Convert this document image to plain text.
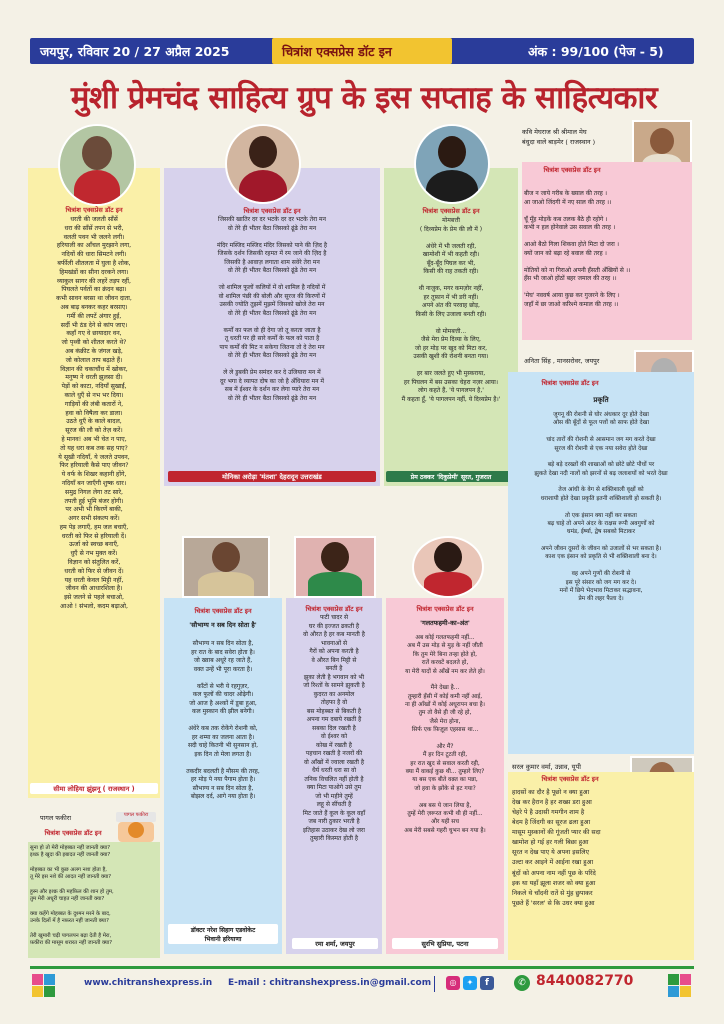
जयपुर, रविवार 20 / 27 अप्रैल 2025	चित्रांश एक्सप्रेस डॉट इन	अंक : 99/100 (पेज - 5)
मुंशी प्रेमचंद साहित्य ग्रुप के इस सप्ताह के साहित्यकार
चित्रांश एक्सप्रेस डॉट इन
धरती की जलती साँसें
धरा की साँसें तपन से भरी,
वलती पवन भी जलने लगी।
हरियाली का आँचल मुरझाने लगा,
नदियों की धारा सिमटने लगी।
बर्फीली शीतलता में घुला है शोक,
हिमखंडों का सीना दरकने लगा।
व्याकुल सागर की लहरें तड़प रहीं,
पिघलते पर्वतों का क्रंदन बढ़ा।
कभी सावन बरसा था जीवन दाता,
अब बाढ़ बनकर कहर बरसाए।
गर्मी की लपटें अंगार हुईं,
सर्दी भी ठंड देने से कांप जाए।
कहाँ गए वे छायादार वन,
जो पृथ्वी को शीतल करते थे?
अब कंक्रीट के जंगल खड़े,
जो कोलाल ताप बढ़ाते हैं।
विज्ञान की चकाचौंध में खोकर,
मनुष्य ने धरती झुलसा दी।
पेड़ों को काटा, नदियाँ सुखाईं,
काले धुएँ से नभ भर दिया।
गाड़ियों की लंबी कतारों ने,
हवा को विषैला कर डाला।
उठते धुएँ के काले बादल,
सूरज की लौ को तेज़ करें।
हे मानव! अब भी चेत न पाए,
तो यह धरा कब तक सह पाए?
ये सूखी नदियाँ, ये जलते उपवन,
फिर हरियाली कैसे पाए जीवन?
ये वर्फ के शिखर कहानी होंगे,
नदियाँ बन जाएँगी शुष्क धार।
समुद्र निगल लेगा तट सारे,
तपती हुई भूमि बंजर होगी।
पर अभी भी किरणें बाकी,
अगर सभी संकल्प करें।
हम पेड़ लगाएँ, हम जल बचाएँ,
धरती को फिर से हरियाली दें।
ऊर्जा को स्वच्छ बनाएँ,
धुएँ से नभ मुक्त करें।
विज्ञान को संतुलित करें,
धरती को फिर से जीवन दें।
यह धरती केवल मिट्टी नहीं,
जीवन की आधारशिला है।
इसे जलने से पहले बचाओ,
आओ ! संभलो, कदम बढ़ाओ,
सीमा लोहिया झुंझनू ( राजस्थान )
चित्रांश एक्सप्रेस डॉट इन
जिसकी खातिर दर दर भटके दर दर भटके तेरा मन
वो तेरे ही भीतर बैठा जिसको ढूंढे तेरा मन

मंदिर मस्जिद मस्जिद मंदिर जिसको पाने की ज़िद है
जिसके दर्शन जिसकी रहमत में रम जाने की ज़िद है
जिसकी है आवाज़ लगाता शाम सवेरे तेरा मन
वो तेरे ही भीतर बैठा जिसको ढूंढे तेरा मन

जो शामिल फूलों कलियों में वो शामिल है नदियों में
वो शामिल पंछी की बोली और सूरज की किरणों में
उसकी ज्योति तुझमें मुझमें जिसको खोजे तेरा मन
वो तेरे ही भीतर बैठा जिसको ढूंढे तेरा मन

कर्मों का फल वो ही देगा जो तू करता जाता है
तू धरती पर ही सारे कर्मों के फल को पाता है
पाप कर्मों की मिट न सकेगा जितना तो दे तेरा मन
वो तेरे ही भीतर बैठा जिसको ढूंढे तेरा मन

ले ले डुबकी प्रेम समंदर कर दे उजियारा मन में
दूर भगा दे व्यापत दोष का जो है अँधियारा मन में
सब में ईश्वर के दर्शन कर लेगा प्यारे तेरा मन
वो तेरे ही भीतर बैठा जिसको ढूंढे तेरा मन
मोनिका अरोड़ा 'मंतशा' देहरादून उत्तराखंड
चित्रांश एक्सप्रेस डॉट इन
मोमबत्ती
( दिव्यप्रेम के प्रेम की लौ में )

अंधेरे में भी जलती रही,
खामोशी में भी कहती रही।
बूँद-बूँद पिघल कर भी,
किसी की राह तकती रही।

थी नाज़ुक, मगर कमज़ोर नहीं,
हर तूफ़ान में भी डरी नहीं।
अपने अंत की परवाह छोड़,
किसी के लिए उजाला बनती रही।

वो मोमबत्ती...
जैसे मेरा प्रेम दिव्या के लिए,
जो हर मोड़ पर खुद को मिटा कर,
उसकी खुशी की रोशनी बनता गया।

हर बार जलते हुए भी मुस्कराया,
हर पिघलन में बस उसका चेहरा नज़र आया।
लोग कहते हैं, 'ये पागलपन है,'
मैं कहता हूँ, 'ये पागलपन नहीं, ये दिव्यप्रेम है।'
प्रेम ठक्कर 'दिकुप्रेमी' सूरत, गुजरात
कवि मेघराज श्री श्रीमाल मेघ
बंधुदा वाले बाड़मेर ( राजस्थान )
चित्रांश एक्सप्रेस डॉट इन
बीज न जाये गरीब के ख्याल की तरह ।
आ जाओ जिंदगी में नए साल की तरह ।।

चूँ मूँह मोड़कें कब तलक बैठे ही रहोगे ।
कभी न हल होनेवाले उस सवाल की तरह ।

आओ बैठो गिला शिकवा होते मिटा दो जरा ।
क्यों जान को बढ़ा रहे बवाल की तरह ।

मोतियों को ना गिराओ अपनी हँसती अँखियों से ।।
हँस भी जाओ होंठों बहर जमाल की तरह ।।

'मेघ' नववर्ष आया कुछ कर गुजरने के लिए ।
जहाँ में छा जाओ करिश्मे कमाल की तरह ।।
अनिता सिंह , मानसरोवर, जयपुर
चित्रांश एक्सप्रेस डॉट इन
प्रकृति
जुगनू की रोशनी से घोर अंधकार दूर होते देखा
ओस की बूँदों से फूल पत्तों को साफ होते देखा

चांद तारों की रोशनी से आसमान जग मग करते देखा
सूरज की रोशनी से एक नया सवेरा होते देखा

बड़े बड़े दरख्तों की शाखाओं को छोटे छोटे पौधों पर
झुकते देखा नदी नालों को झरनों से बढ़ जलाशयों को भरते देखा

तेज आंधी के वेग से शक्तिशाली वृक्षों को
धराशायी होते देखा प्रकृति इतनी शक्तिशाली हो सकती है।

तो एक इंसान क्या नहीं कर सकता
बढ़ चाहे तो अपने अंदर के राक्षस रूपी अवगुणों को
घमंड, ईर्ष्या, द्वेष सबको मिटाकर

अपने जीवन दूसरों के जीवन को उजालों से भर सकता है।
काश एक इंसान को प्रकृति से भी शक्तिशाली बना दे।

वह अपने गुणों की रोशनी से
इस पूरे संसार को जग मग कर दे।
मनों में छिपे भेदभाव मिटाकर सद्भावना,
प्रेम की लहर फैला दे।
चित्रांश एक्सप्रेस डॉट इन
'सौभाग्य न सब दिन सोता है'
सौभाग्य न सब दिन सोता है,
हर रात के बाद सवेरा होता है।
जो ख्वाब अधूरे रह जाते हैं,
वक्त उन्हें भी पूरा करता है।

काँटों से भरी ये रहगुज़र,
कल फूलों की चादर ओढ़ेगी।
जो आज है अश्कों में डूबा हुआ,
कल मुस्कान की झील बनेगी।

अंधेरे कब तक रोकेंगे रोशनी को,
हर शम्मा का जलना आता है।
सदी चाहे कितनी भी सुनसान हो,
इक दिन तो मेला लगता है।

तकदीर बदलती है मौसम की तरह,
हर मोड़ पे नया पैगाम होता है।
सौभाग्य न सब दिन सोता है,
बोझल दर्द, आगे नया होता है।
डॉक्टर नरेश सिहाग एडवोकेट
भिवानी हरियाणा
चित्रांश एक्सप्रेस डॉट इन
फटी चादर से
घर की इज्जत ढकती है
वो औरत है हर कब मानती है
भावनाओं से
गैरों को अपना करती है
वे औरत बिन मिट्टी से
बनती है
झुका लेती है भगवान को भी
जो रिश्तों के सामने झुकती है
कुदरत का अनमोल
तोहफा है वो
बस मोहब्बत से बिकती है
अपना गम दबाये रखती है
सबका दिल रखती है
वो ईश्वर को
कोख में रखती है
पहचान रखती है नजरों की
वो आँखों में ज्वाला रखती है
धैर्य धरती धरा सा वो
तनिक विचलित नहीं होती है
क्या मिटा पाओगे उसे तुम
जो भी महीने तुम्हें
लहू से सींचती है
मिट जाते हैं कूल के कूल वहाँ
जब नारी ठुकार भरती है
इतिहास उठाकर देख लो जरा
तुम्हारी किस्मत होती है
रमा शर्मा, जयपुर
चित्रांश एक्सप्रेस डॉट इन
'गलतफहमी-का-अंत'
अब कोई गलतफहमी नहीं...
अब मैं उस मोड़ से मुड़ के नहीं जीती
कि तुम मेरे बिना तन्हा होते हो,
रातें करवटें बदलते हो,
या मेरी यादों से आँखें नम कर लेते हो।

मैंने देखा है...
तुम्हारी हँसी में कोई कमी नहीं आई,
ना ही आँखों में कोई अधूरापन बचा है।
तुम तो वैसे ही जी रहे हो,
जैसे मेरा होना,
सिर्फ एक फ़िज़ूल एहसास था...

और मैं?
मैं हर दिन टूटती रही,
हर रात खुद से सवाल करती रही,
क्या मैं वाकई कुछ थी... तुम्हारे लिए?
या बस एक बीते वक़्त का पन्ना,
जो हवा के झोंके से हट गया?

अब बस ये जान लिया है,
तुम्हें मेरी ज़रूरत कभी थी ही नहीं...
और यही सच
अब मेरी सबसे गहरी चुभन बन गया है।
सुरभि सुप्रिया, पटना
सरल कुमार वर्मा, उन्नाव, यूपी
चित्रांश एक्सप्रेस डॉट इन
हादसों का दौर है पूछो न क्या हुआ
देख कर हैरान है हर शख्स डरा हुआ
चेहरे पे है उदासी गमगीन शाम है
बेदम है जिंदगी का सूरज ढला हुआ
मासूम मुस्कानों की गूंजती प्यार की सदा
खामोश हो गई हर गली बिछा हुआ
सूरत न देख पाए ये अपना इसलिए
उल्टा कर आइने में आईना रखा हुआ
बूंदों को अपना नाम नहीं पूछ के परिंदे
इक था यहाँ झूला शजर को क्या हुआ
निकले थे चाँदनी रातें से मुंह छुपाकर
पूछते हैं 'सरल' से कि उधर क्या हुआ
पागल फकीरा	पागल फकीरा
चित्रांश एक्सप्रेस डॉट इन
सुना हो तो मेरी मोहब्बत नहीं जानती क्या?
इश्क़ है खुदा की इबादत नहीं जानती क्या?

मोहब्बत का भी कुछ अलग नशा होता है,
तू मेरे इस नशे की आदत नहीं जानती क्या?

हुस्न और इश्क़ की महफ़िल की शान हो तुम,
तुम मेरी अधूरी चाहत नहीं जानती क्या?

क्या कहेंगे मोहब्बत के दुश्मन मरने के बाद,
उनके दिलों में है नफ़रत नहीं जानती क्या?

तेरी खुमारी चढ़ी पागलपन बढ़ा देती है मेरा,
फ़कीरा की मासूम शरारत नहीं जानती क्या?
www.chitranshexpress.in E-mail : chitranshexpress.in@gmail.com	◎	✦	f	✆ 8440082770
